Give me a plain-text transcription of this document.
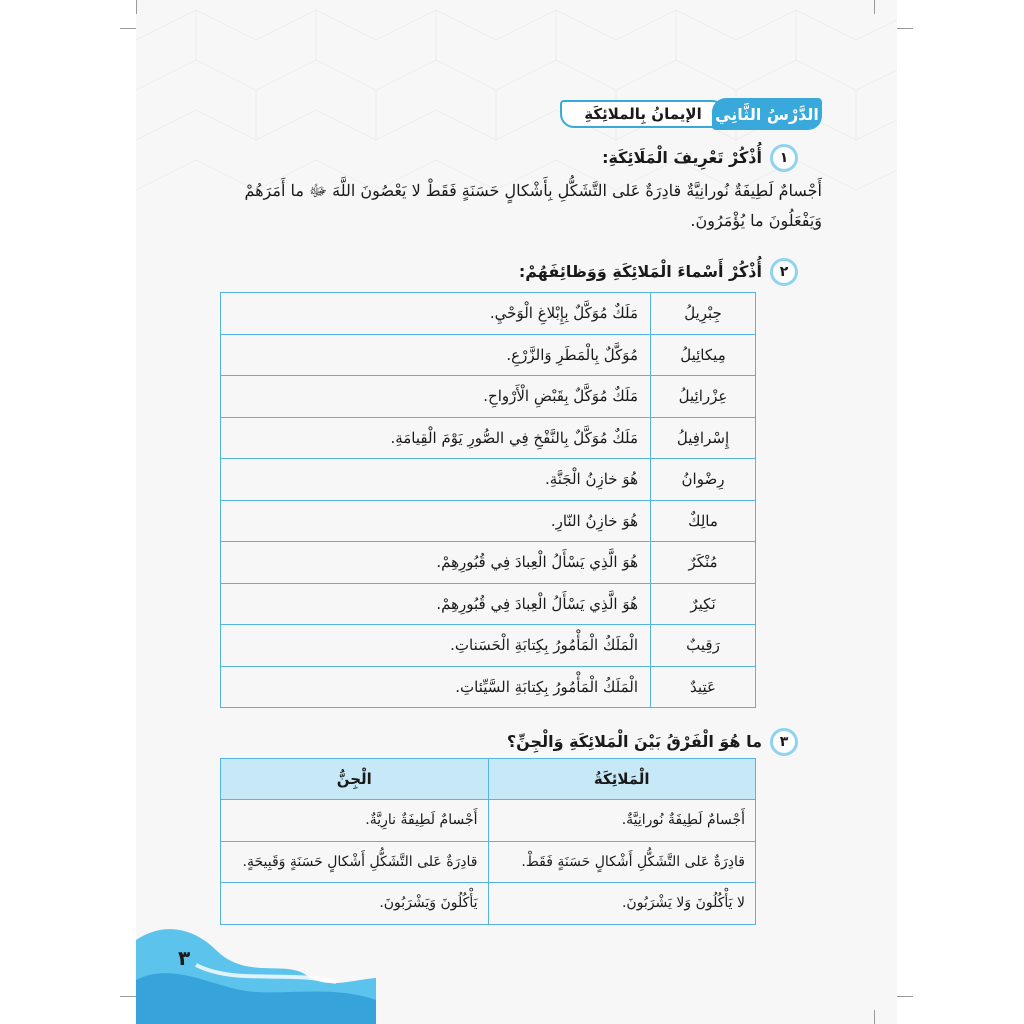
الإيمانُ بِالملائِكَةِ الدَّرْسُ الثَّانِي
١
أُذْكُرْ تَعْرِيفَ الْمَلَائِكَةِ:
أَجْسامٌ لَطِيفَةٌ نُورانِيَّةٌ قادِرَةٌ عَلى التَّشَكُّلِ بِأَشْكالٍ حَسَنَةٍ فَقَطْ لا يَعْصُونَ اللَّهَ ﷻ ما أَمَرَهُمْ وَيَفْعَلُونَ ما يُؤْمَرُونَ.
٢
أُذْكُرْ أَسْماءَ الْمَلائِكَةِ وَوَظائِفَهُمْ:
جِبْرِيلُ	مَلَكٌ مُوَكَّلٌ بِإِبْلاغِ الْوَحْيِ.
مِيكائِيلُ	مُوَكَّلٌ بِالْمَطَرِ وَالزَّرْعِ.
عِزْرائِيلُ	مَلَكٌ مُوَكَّلٌ بِقَبْضِ الْأَرْواحِ.
إِسْرافِيلُ	مَلَكٌ مُوَكَّلٌ بِالنَّفْخِ فِي الصُّورِ يَوْمَ الْقِيامَةِ.
رِضْوانُ	هُوَ خازِنُ الْجَنَّةِ.
مالِكٌ	هُوَ خازِنُ النّارِ.
مُنْكَرٌ	هُوَ الَّذِي يَسْأَلُ الْعِبادَ فِي قُبُورِهِمْ.
نَكِيرٌ	هُوَ الَّذِي يَسْأَلُ الْعِبادَ فِي قُبُورِهِمْ.
رَقِيبٌ	الْمَلَكُ الْمَأْمُورُ بِكِتابَةِ الْحَسَناتِ.
عَتِيدٌ	الْمَلَكُ الْمَأْمُورُ بِكِتابَةِ السَّيِّئاتِ.
٣
ما هُوَ الْفَرْقُ بَيْنَ الْمَلائِكَةِ وَالْجِنِّ؟
الْمَلائِكَةُ	الْجِنُّ
أَجْسامٌ لَطِيفَةٌ نُورانِيَّةٌ.	أَجْسامٌ لَطِيفَةٌ نارِيَّةٌ.
قادِرَةٌ عَلى التَّشَكُّلِ أَشْكالٍ حَسَنَةٍ فَقَطْ.	قادِرَةٌ عَلى التَّشَكُّلِ أَشْكالٍ حَسَنَةٍ وَقَبِيحَةٍ.
لا يَأْكُلُونَ وَلا يَشْرَبُونَ.	يَأْكُلُونَ وَيَشْرَبُونَ.
٣
